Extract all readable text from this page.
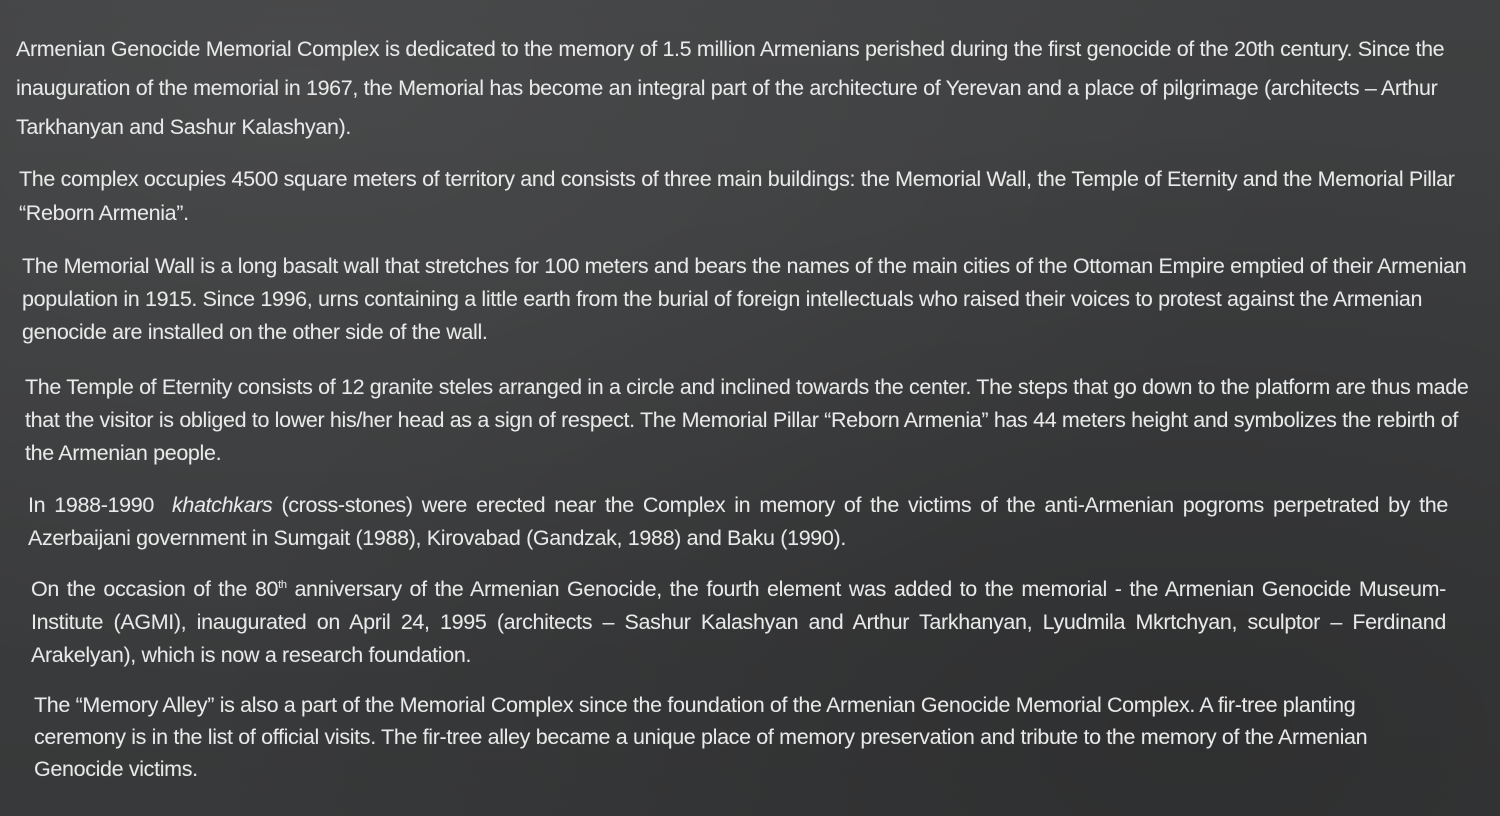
Armenian Genocide Memorial Complex is dedicated to the memory of 1.5 million Armenians perished during the first genocide of the 20th century. Since the inauguration of the memorial in 1967, the Memorial has become an integral part of the architecture of Yerevan and a place of pilgrimage (architects – Arthur Tarkhanyan and Sashur Kalashyan).

The complex occupies 4500 square meters of territory and consists of three main buildings: the Memorial Wall, the Temple of Eternity and the Memorial Pillar “Reborn Armenia”.

The Memorial Wall is a long basalt wall that stretches for 100 meters and bears the names of the main cities of the Ottoman Empire emptied of their Armenian population in 1915. Since 1996, urns containing a little earth from the burial of foreign intellectuals who raised their voices to protest against the Armenian genocide are installed on the other side of the wall.

The Temple of Eternity consists of 12 granite steles arranged in a circle and inclined towards the center. The steps that go down to the platform are thus made that the visitor is obliged to lower his/her head as a sign of respect. The Memorial Pillar “Reborn Armenia” has 44 meters height and symbolizes the rebirth of the Armenian people.

In 1988-1990 khatchkars (cross-stones) were erected near the Complex in memory of the victims of the anti-Armenian pogroms perpetrated by the Azerbaijani government in Sumgait (1988), Kirovabad (Gandzak, 1988) and Baku (1990).

On the occasion of the 80th anniversary of the Armenian Genocide, the fourth element was added to the memorial - the Armenian Genocide Museum-Institute (AGMI), inaugurated on April 24, 1995 (architects – Sashur Kalashyan and Arthur Tarkhanyan, Lyudmila Mkrtchyan, sculptor – Ferdinand Arakelyan), which is now a research foundation.

The “Memory Alley” is also a part of the Memorial Complex since the foundation of the Armenian Genocide Memorial Complex. A fir-tree planting ceremony is in the list of official visits. The fir-tree alley became a unique place of memory preservation and tribute to the memory of the Armenian Genocide victims.
